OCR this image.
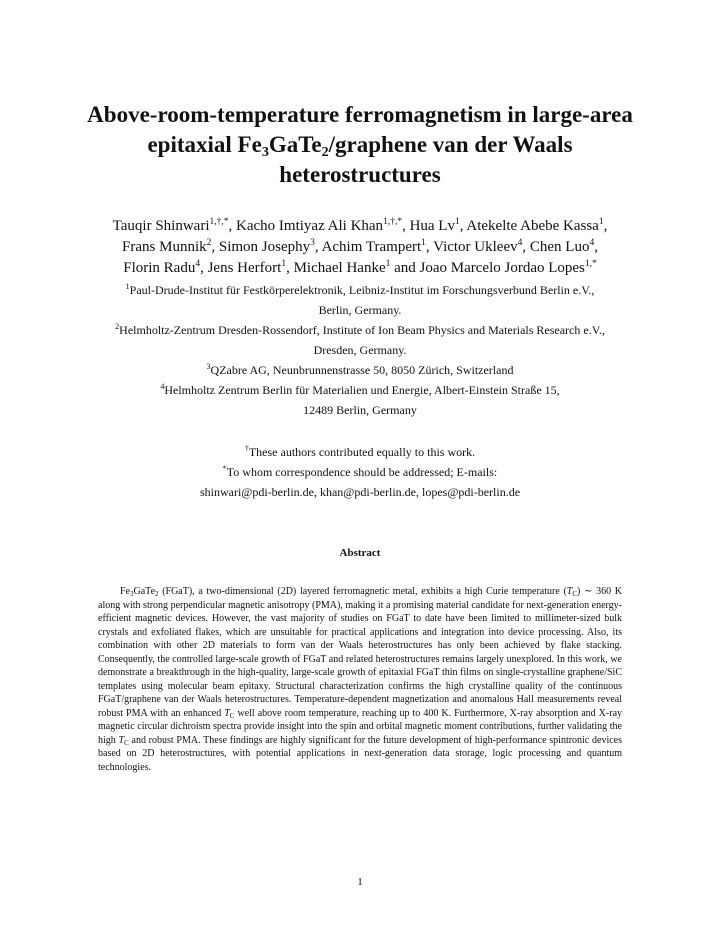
Above-room-temperature ferromagnetism in large-area
epitaxial $Fe_3GaTe_2$/graphene van der Waals
heterostructures
Tauqir Shinwari$^{1,\dagger,*}$, Kacho Imtiyaz Ali Khan$^{1,\dagger,*}$, Hua Lv$^1$, Atekelte Abebe Kassa$^1$,
Frans Munnik$^2$, Simon Josephy$^3$, Achim Trampert$^1$, Victor Ukleev$^4$, Chen Luo$^4$,
Florin Radu$^4$, Jens Herfort$^1$, Michael Hanke$^1$ and Joao Marcelo Jordao Lopes$^{1,*}$
$^1$Paul-Drude-Institut für Festkörperelektronik, Leibniz-Institut im Forschungsverbund Berlin e.V.,
Berlin, Germany.
$^2$Helmholtz-Zentrum Dresden-Rossendorf, Institute of Ion Beam Physics and Materials Research e.V.,
Dresden, Germany.
$^3$QZabre AG, Neunbrunnenstrasse 50, 8050 Zürich, Switzerland
$^4$Helmholtz Zentrum Berlin für Materialien und Energie, Albert-Einstein Straße 15,
12489 Berlin, Germany
†These authors contributed equally to this work.
*To whom correspondence should be addressed; E-mails:
shinwari@pdi-berlin.de, khan@pdi-berlin.de, lopes@pdi-berlin.de
Abstract

$Fe_3GaTe_2$ (FGaT), a two-dimensional (2D) layered ferromagnetic metal, exhibits a high Curie temperature $(T_C)$ ∼ 360 K along with strong perpendicular magnetic anisotropy (PMA), making it a promising material candidate for next-generation energy-efficient magnetic devices. However, the vast majority of studies on FGaT to date have been limited to millimeter-sized bulk crystals and exfoliated flakes, which are unsuitable for practical applications and integration into device processing. Also, its combination with other 2D materials to form van der Waals heterostructures has only been achieved by flake stacking. Consequently, the controlled large-scale growth of FGaT and related heterostructures remains largely unexplored. In this work, we demonstrate a breakthrough in the high-quality, large-scale growth of epitaxial FGaT thin films on single-crystalline graphene/SiC templates using molecular beam epitaxy. Structural characterization confirms the high crystalline quality of the continuous FGaT/graphene van der Waals heterostructures. Temperature-dependent magnetization and anomalous Hall measurements reveal robust PMA with an enhanced $T_C$ well above room temperature, reaching up to 400 K. Furthermore, X-ray absorption and X-ray magnetic circular dichroism spectra provide insight into the spin and orbital magnetic moment contributions, further validating the high $T_C$ and robust PMA. These findings are highly significant for the future development of high-performance spintronic devices based on 2D heterostructures, with potential applications in next-generation data storage, logic processing and quantum technologies.

1
